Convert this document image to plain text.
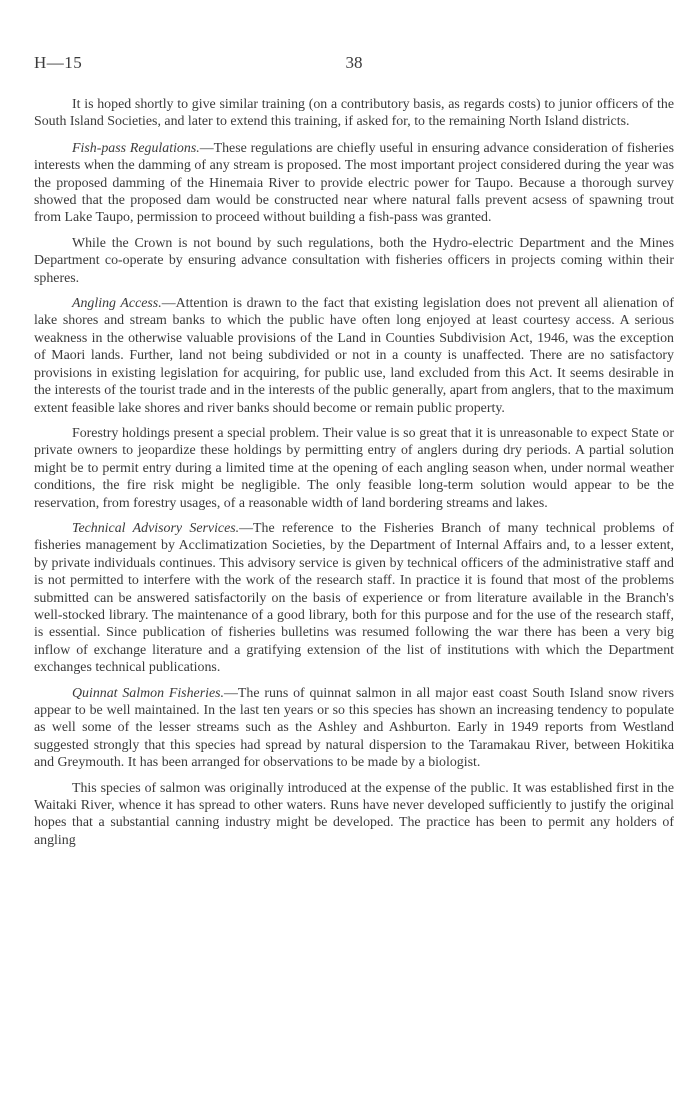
H—15	38

It is hoped shortly to give similar training (on a contributory basis, as regards costs) to junior officers of the South Island Societies, and later to extend this training, if asked for, to the remaining North Island districts.

Fish-pass Regulations.—These regulations are chiefly useful in ensuring advance consideration of fisheries interests when the damming of any stream is proposed. The most important project considered during the year was the proposed damming of the Hinemaia River to provide electric power for Taupo. Because a thorough survey showed that the proposed dam would be constructed near where natural falls prevent acsess of spawning trout from Lake Taupo, permission to proceed without building a fish-pass was granted.

While the Crown is not bound by such regulations, both the Hydro-electric Department and the Mines Department co-operate by ensuring advance consultation with fisheries officers in projects coming within their spheres.

Angling Access.—Attention is drawn to the fact that existing legislation does not prevent all alienation of lake shores and stream banks to which the public have often long enjoyed at least courtesy access. A serious weakness in the otherwise valuable provisions of the Land in Counties Subdivision Act, 1946, was the exception of Maori lands. Further, land not being subdivided or not in a county is unaffected. There are no satisfactory provisions in existing legislation for acquiring, for public use, land excluded from this Act. It seems desirable in the interests of the tourist trade and in the interests of the public generally, apart from anglers, that to the maximum extent feasible lake shores and river banks should become or remain public property.

Forestry holdings present a special problem. Their value is so great that it is unreasonable to expect State or private owners to jeopardize these holdings by permitting entry of anglers during dry periods. A partial solution might be to permit entry during a limited time at the opening of each angling season when, under normal weather conditions, the fire risk might be negligible. The only feasible long-term solution would appear to be the reservation, from forestry usages, of a reasonable width of land bordering streams and lakes.

Technical Advisory Services.—The reference to the Fisheries Branch of many technical problems of fisheries management by Acclimatization Societies, by the Department of Internal Affairs and, to a lesser extent, by private individuals continues. This advisory service is given by technical officers of the administrative staff and is not permitted to interfere with the work of the research staff. In practice it is found that most of the problems submitted can be answered satisfactorily on the basis of experience or from literature available in the Branch's well-stocked library. The maintenance of a good library, both for this purpose and for the use of the research staff, is essential. Since publication of fisheries bulletins was resumed following the war there has been a very big inflow of exchange literature and a gratifying extension of the list of institutions with which the Department exchanges technical publications.

Quinnat Salmon Fisheries.—The runs of quinnat salmon in all major east coast South Island snow rivers appear to be well maintained. In the last ten years or so this species has shown an increasing tendency to populate as well some of the lesser streams such as the Ashley and Ashburton. Early in 1949 reports from Westland suggested strongly that this species had spread by natural dispersion to the Taramakau River, between Hokitika and Greymouth. It has been arranged for observations to be made by a biologist.

This species of salmon was originally introduced at the expense of the public. It was established first in the Waitaki River, whence it has spread to other waters. Runs have never developed sufficiently to justify the original hopes that a substantial canning industry might be developed. The practice has been to permit any holders of angling
